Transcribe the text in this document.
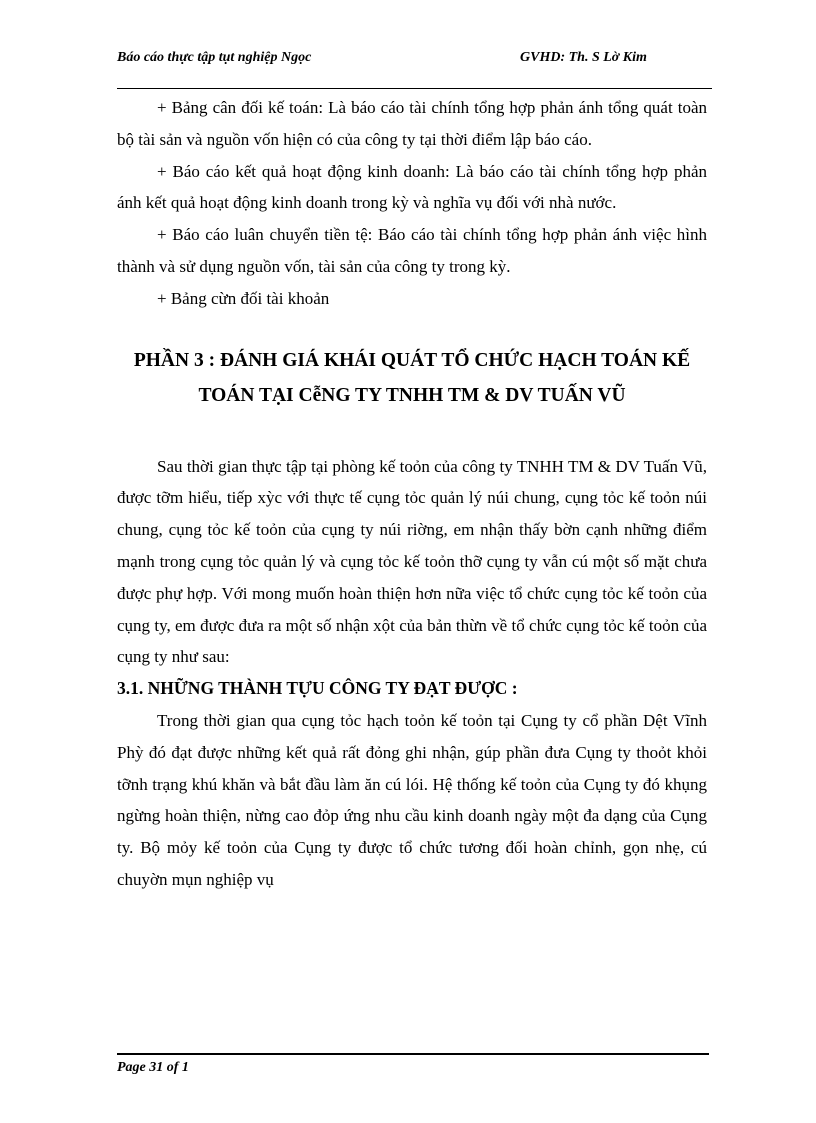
Báo cáo thực tập tụt nghiệp Ngọc	GVHD: Th. S Lờ Kim

+ Bảng cân đối kế toán: Là báo cáo tài chính tổng hợp phản ánh tổng quát toàn bộ tài sản và nguồn vốn hiện có của công ty tại thời điểm lập báo cáo.

+ Báo cáo kết quả hoạt động kinh doanh: Là báo cáo tài chính tổng hợp phản ánh kết quả hoạt động kinh doanh trong kỳ và nghĩa vụ đối với nhà nước.

+ Báo cáo luân chuyển tiền tệ: Báo cáo tài chính tổng hợp phản ánh việc hình thành và sử dụng nguồn vốn, tài sản của công ty trong kỳ.

+ Bảng cừn đối tài khoản

PHẦN 3 : ĐÁNH GIÁ KHÁI QUÁT TỔ CHỨC HẠCH TOÁN KẾ TOÁN TẠI CễNG TY TNHH TM & DV TUẤN VŨ

Sau thời gian thực tập tại phòng kế toỏn của công ty TNHH TM & DV Tuấn Vũ, được tỡm hiểu, tiếp xỳc với thực tế cụng tỏc quản lý núi chung, cụng tỏc kế toỏn núi chung, cụng tỏc kế toỏn của cụng ty núi riờng, em nhận thấy bờn cạnh những điểm mạnh trong cụng tỏc quản lý và cụng tỏc kế toỏn thỡ cụng ty vẫn cú một số mặt chưa được phự hợp. Với mong muốn hoàn thiện hơn nữa việc tổ chức cụng tỏc kế toỏn của cụng ty, em được đưa ra một số nhận xột của bản thừn về tổ chức cụng tỏc kế toỏn của cụng ty như sau:

3.1. NHỮNG THÀNH TỰU CÔNG TY ĐẠT ĐƯỢC :

Trong thời gian qua cụng tỏc hạch toỏn kế toỏn tại Cụng ty cổ phần Dệt Vĩnh Phỳ đó đạt được những kết quả rất đỏng ghi nhận, gúp phần đưa Cụng ty thoỏt khỏi tỡnh trạng khú khăn và bắt đầu làm ăn cú lói. Hệ thống kế toỏn của Cụng ty đó khụng ngừng hoàn thiện, nừng cao đỏp ứng nhu cầu kinh doanh ngày một đa dạng của Cụng ty. Bộ mỏy kế toỏn của Cụng ty được tổ chức tương đối hoàn chỉnh, gọn nhẹ, cú chuyờn mụn nghiệp vụ

Page 31 of 1
